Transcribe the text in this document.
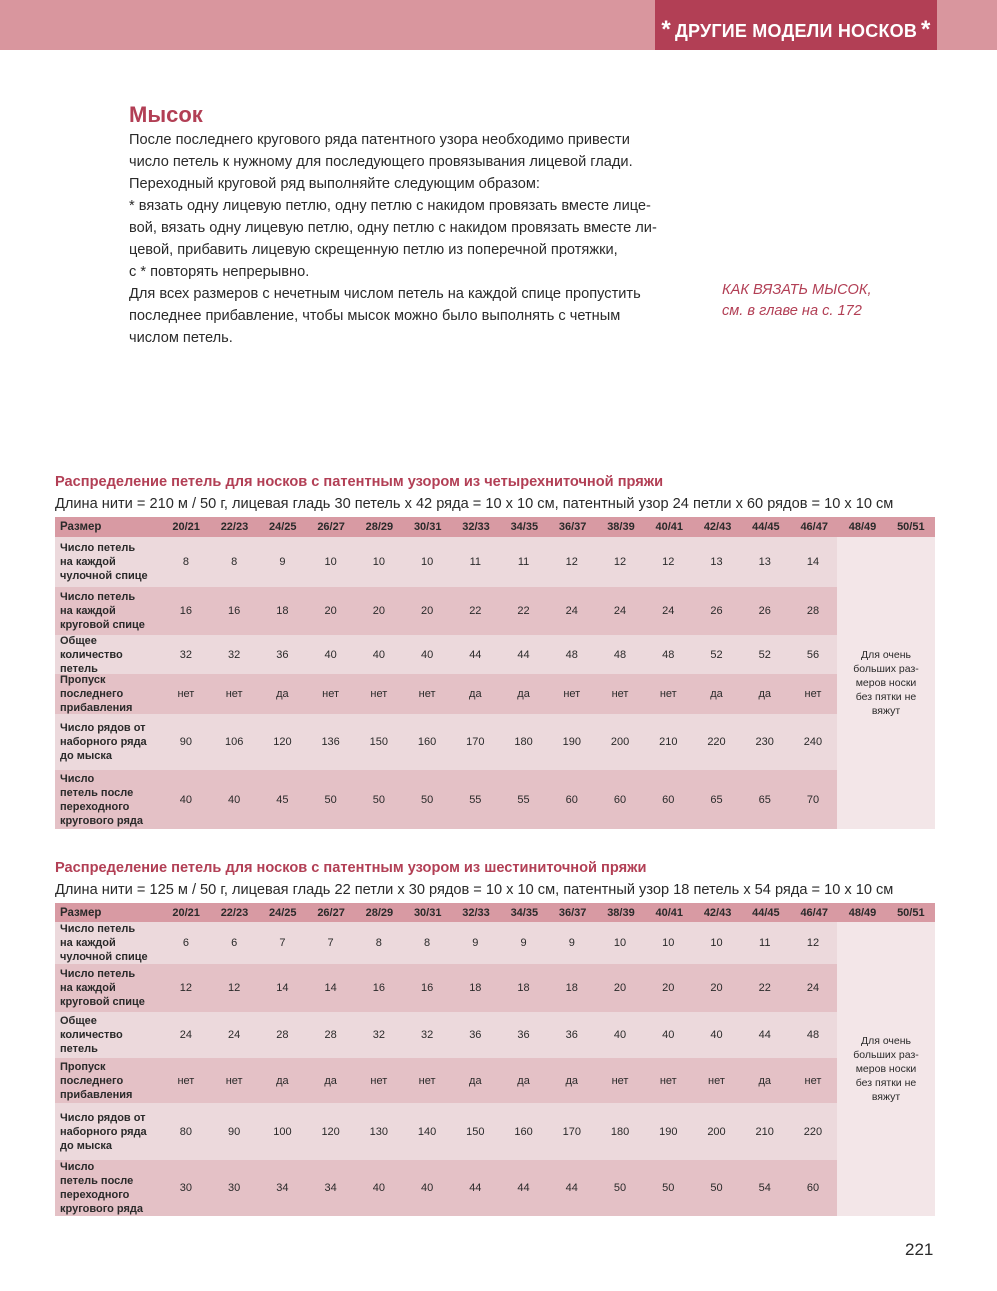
* ДРУГИЕ МОДЕЛИ НОСКОВ *
Мысок
После последнего кругового ряда патентного узора необходимо привести
число петель к нужному для последующего провязывания лицевой глади.
Переходный круговой ряд выполняйте следующим образом:
* вязать одну лицевую петлю, одну петлю с накидом провязать вместе лице-
вой, вязать одну лицевую петлю, одну петлю с накидом провязать вместе ли-
цевой, прибавить лицевую скрещенную петлю из поперечной протяжки,
с * повторять непрерывно.
Для всех размеров с нечетным числом петель на каждой спице пропустить
последнее прибавление, чтобы мысок можно было выполнять с четным
числом петель.
КАК ВЯЗАТЬ МЫСОК,
см. в главе на с. 172
Распределение петель для носков с патентным узором из четырехниточной пряжи
Длина нити = 210 м / 50 г, лицевая гладь 30 петель х 42 ряда = 10 х 10 см, патентный узор 24 петли х 60 рядов = 10 х 10 см
Размер	20/21	22/23	24/25	26/27	28/29	30/31	32/33	34/35	36/37	38/39	40/41	42/43	44/45	46/47	48/49	50/51
Число петель
на каждой
чулочной спице
8	8	9	10	10	10	11	11	12	12	12	13	13	14
Число петель
на каждой
круговой спице
16	16	18	20	20	20	22	22	24	24	24	26	26	28
Общее
количество
петель
32	32	36	40	40	40	44	44	48	48	48	52	52	56
Пропуск
последнего
прибавления
нет	нет	да	нет	нет	нет	да	да	нет	нет	нет	да	да	нет
Число рядов от
наборного ряда
до мыска
90	106	120	136	150	160	170	180	190	200	210	220	230	240
Число
петель после
переходного
кругового ряда
40	40	45	50	50	50	55	55	60	60	60	65	65	70
Для очень
больших раз-
меров носки
без пятки не
вяжут
Распределение петель для носков с патентным узором из шестиниточной пряжи
Длина нити = 125 м / 50 г, лицевая гладь 22 петли х 30 рядов = 10 х 10 см, патентный узор 18 петель х 54 ряда = 10 х 10 см
Размер	20/21	22/23	24/25	26/27	28/29	30/31	32/33	34/35	36/37	38/39	40/41	42/43	44/45	46/47	48/49	50/51
Число петель
на каждой
чулочной спице
6	6	7	7	8	8	9	9	9	10	10	10	11	12
Число петель
на каждой
круговой спице
12	12	14	14	16	16	18	18	18	20	20	20	22	24
Общее
количество
петель
24	24	28	28	32	32	36	36	36	40	40	40	44	48
Пропуск
последнего
прибавления
нет	нет	да	да	нет	нет	да	да	да	нет	нет	нет	да	нет
Число рядов от
наборного ряда
до мыска
80	90	100	120	130	140	150	160	170	180	190	200	210	220
Число
петель после
переходного
кругового ряда
30	30	34	34	40	40	44	44	44	50	50	50	54	60
Для очень
больших раз-
меров носки
без пятки не
вяжут
221
